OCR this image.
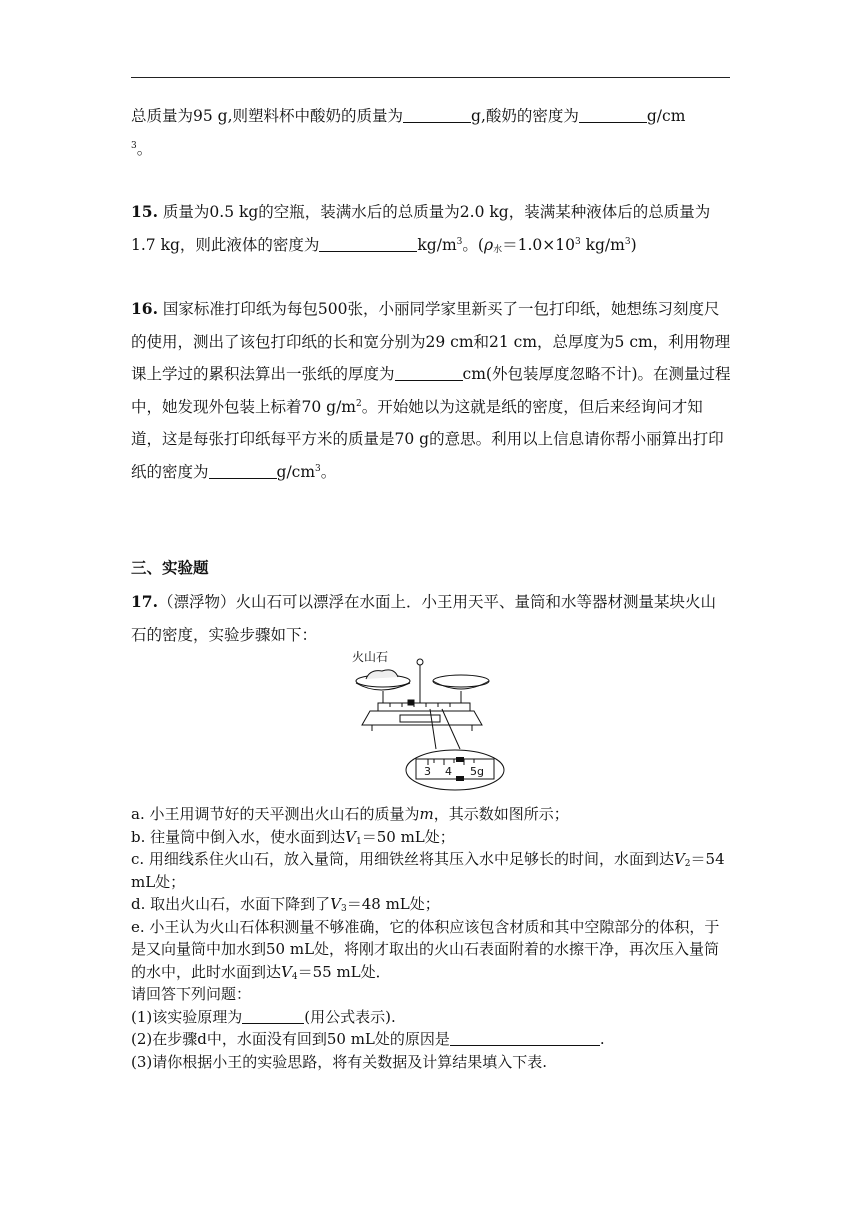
总质量为95 g,则塑料杯中酸奶的质量为	g,酸奶的密度为	g/cm
$^3$。
15. 质量为0.5 kg的空瓶，装满水后的总质量为2.0 kg，装满某种液体后的总质量为1.7 kg，则此液体的密度为	$kg/m^3$。($\rho_水=1.0\times 10^3$ $kg/m^3$)
16. 国家标准打印纸为每包500张，小丽同学家里新买了一包打印纸，她想练习刻度尺的使用，测出了该包打印纸的长和宽分别为29 cm和21 cm，总厚度为5 cm，利用物理课上学过的累积法算出一张纸的厚度为	cm(外包装厚度忽略不计)。在测量过程中，她发现外包装上标着70 $g/m^2$。开始她以为这就是纸的密度，但后来经询问才知道，这是每张打印纸每平方米的质量是70 g的意思。利用以上信息请你帮小丽算出打印纸的密度为	$g/cm^3$。
三、实验题
17.（漂浮物）火山石可以漂浮在水面上．小王用天平、量筒和水等器材测量某块火山石的密度，实验步骤如下：
火山石
3 4 5g
a. 小王用调节好的天平测出火山石的质量为m，其示数如图所示；
b. 往量筒中倒入水，使水面到达$V_1=50$ mL处；
c. 用细线系住火山石，放入量筒，用细铁丝将其压入水中足够长的时间，水面到达$V_2=54$ mL处；
d. 取出火山石，水面下降到了$V_3=48$ mL处；
e. 小王认为火山石体积测量不够准确，它的体积应该包含材质和其中空隙部分的体积，于是又向量筒中加水到50 mL处，将刚才取出的火山石表面附着的水擦干净，再次压入量筒的水中，此时水面到达$V_4=55$ mL处．
请回答下列问题：
(1)该实验原理为	(用公式表示).
(2)在步骤d中，水面没有回到50 mL处的原因是	.
(3)请你根据小王的实验思路，将有关数据及计算结果填入下表.
